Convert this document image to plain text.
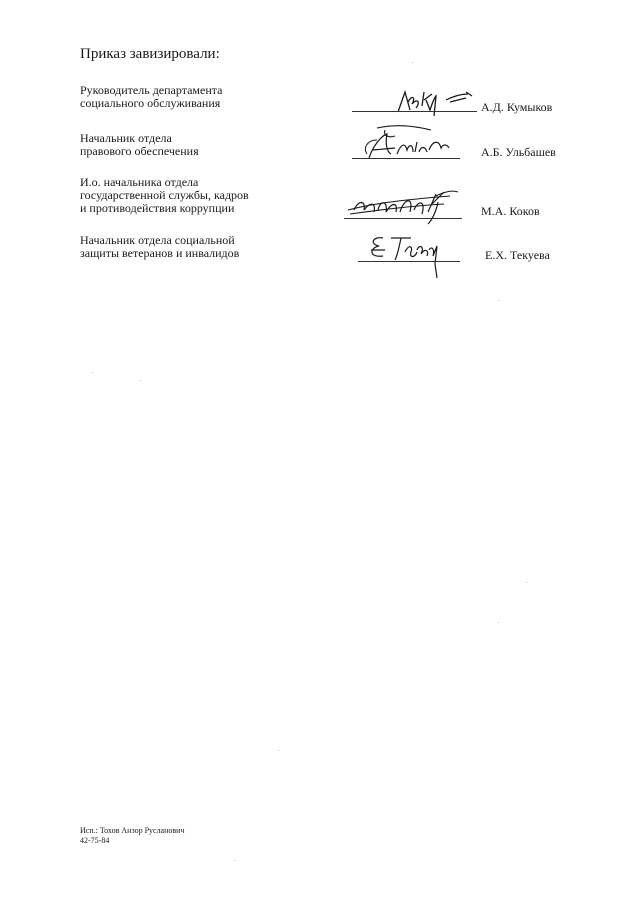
Приказ завизировали:
Руководитель департамента
социального обслуживания	А.Д. Кумыков
Начальник отдела
правового обеспечения	А.Б. Ульбашев
И.о. начальника отдела
государственной службы, кадров
и противодействия коррупции	М.А. Коков
Начальник отдела социальной
защиты ветеранов и инвалидов	Е.Х. Текуева
Исп.: Тохов Анзор Русланович
42-75-84
